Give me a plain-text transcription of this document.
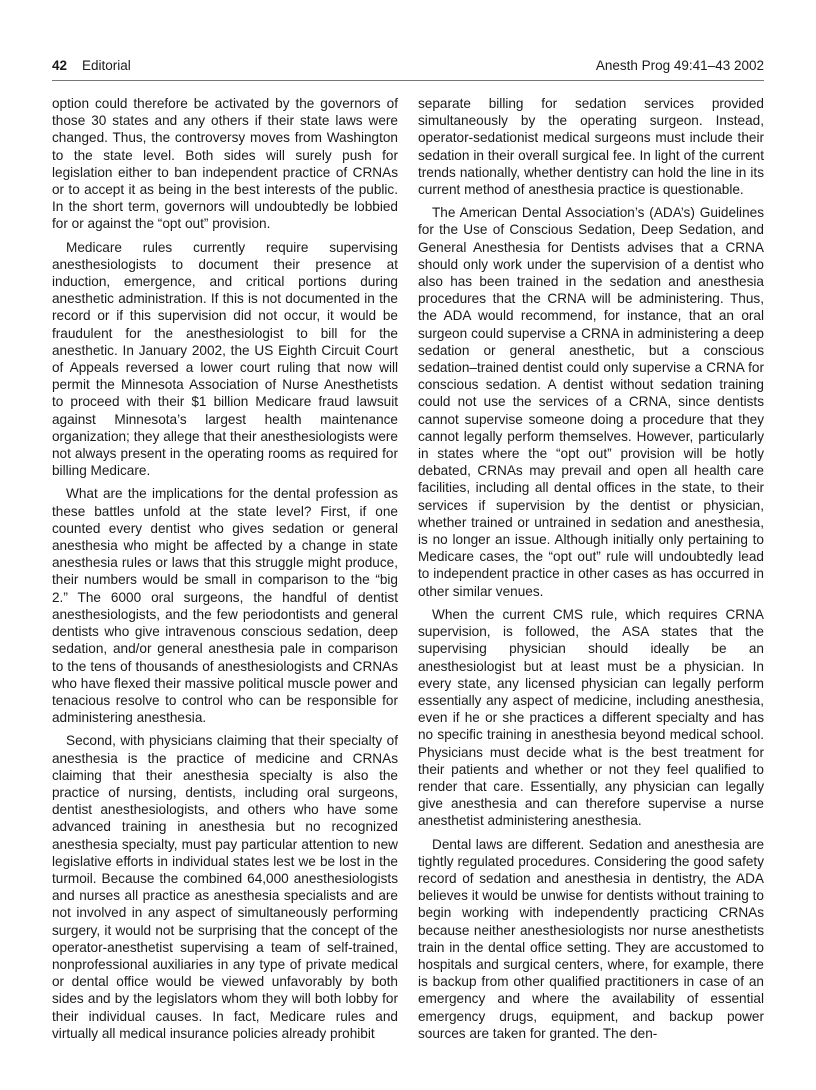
42 Editorial	Anesth Prog 49:41–43 2002

option could therefore be activated by the governors of those 30 states and any others if their state laws were changed. Thus, the controversy moves from Washington to the state level. Both sides will surely push for legislation either to ban independent practice of CRNAs or to accept it as being in the best interests of the public. In the short term, governors will undoubtedly be lobbied for or against the “opt out” provision.

Medicare rules currently require supervising anesthesiologists to document their presence at induction, emergence, and critical portions during anesthetic administration. If this is not documented in the record or if this supervision did not occur, it would be fraudulent for the anesthesiologist to bill for the anesthetic. In January 2002, the US Eighth Circuit Court of Appeals reversed a lower court ruling that now will permit the Minnesota Association of Nurse Anesthetists to proceed with their $1 billion Medicare fraud lawsuit against Minnesota’s largest health maintenance organization; they allege that their anesthesiologists were not always present in the operating rooms as required for billing Medicare.

What are the implications for the dental profession as these battles unfold at the state level? First, if one counted every dentist who gives sedation or general anesthesia who might be affected by a change in state anesthesia rules or laws that this struggle might produce, their numbers would be small in comparison to the “big 2.” The 6000 oral surgeons, the handful of dentist anesthesiologists, and the few periodontists and general dentists who give intravenous conscious sedation, deep sedation, and/or general anesthesia pale in comparison to the tens of thousands of anesthesiologists and CRNAs who have flexed their massive political muscle power and tenacious resolve to control who can be responsible for administering anesthesia.

Second, with physicians claiming that their specialty of anesthesia is the practice of medicine and CRNAs claiming that their anesthesia specialty is also the practice of nursing, dentists, including oral surgeons, dentist anesthesiologists, and others who have some advanced training in anesthesia but no recognized anesthesia specialty, must pay particular attention to new legislative efforts in individual states lest we be lost in the turmoil. Because the combined 64,000 anesthesiologists and nurses all practice as anesthesia specialists and are not involved in any aspect of simultaneously performing surgery, it would not be surprising that the concept of the operator-anesthetist supervising a team of self-trained, nonprofessional auxiliaries in any type of private medical or dental office would be viewed unfavorably by both sides and by the legislators whom they will both lobby for their individual causes. In fact, Medicare rules and virtually all medical insurance policies already prohibit

separate billing for sedation services provided simultaneously by the operating surgeon. Instead, operator-sedationist medical surgeons must include their sedation in their overall surgical fee. In light of the current trends nationally, whether dentistry can hold the line in its current method of anesthesia practice is questionable.

The American Dental Association’s (ADA’s) Guidelines for the Use of Conscious Sedation, Deep Sedation, and General Anesthesia for Dentists advises that a CRNA should only work under the supervision of a dentist who also has been trained in the sedation and anesthesia procedures that the CRNA will be administering. Thus, the ADA would recommend, for instance, that an oral surgeon could supervise a CRNA in administering a deep sedation or general anesthetic, but a conscious sedation–trained dentist could only supervise a CRNA for conscious sedation. A dentist without sedation training could not use the services of a CRNA, since dentists cannot supervise someone doing a procedure that they cannot legally perform themselves. However, particularly in states where the “opt out” provision will be hotly debated, CRNAs may prevail and open all health care facilities, including all dental offices in the state, to their services if supervision by the dentist or physician, whether trained or untrained in sedation and anesthesia, is no longer an issue. Although initially only pertaining to Medicare cases, the “opt out” rule will undoubtedly lead to independent practice in other cases as has occurred in other similar venues.

When the current CMS rule, which requires CRNA supervision, is followed, the ASA states that the supervising physician should ideally be an anesthesiologist but at least must be a physician. In every state, any licensed physician can legally perform essentially any aspect of medicine, including anesthesia, even if he or she practices a different specialty and has no specific training in anesthesia beyond medical school. Physicians must decide what is the best treatment for their patients and whether or not they feel qualified to render that care. Essentially, any physician can legally give anesthesia and can therefore supervise a nurse anesthetist administering anesthesia.

Dental laws are different. Sedation and anesthesia are tightly regulated procedures. Considering the good safety record of sedation and anesthesia in dentistry, the ADA believes it would be unwise for dentists without training to begin working with independently practicing CRNAs because neither anesthesiologists nor nurse anesthetists train in the dental office setting. They are accustomed to hospitals and surgical centers, where, for example, there is backup from other qualified practitioners in case of an emergency and where the availability of essential emergency drugs, equipment, and backup power sources are taken for granted. The den-
